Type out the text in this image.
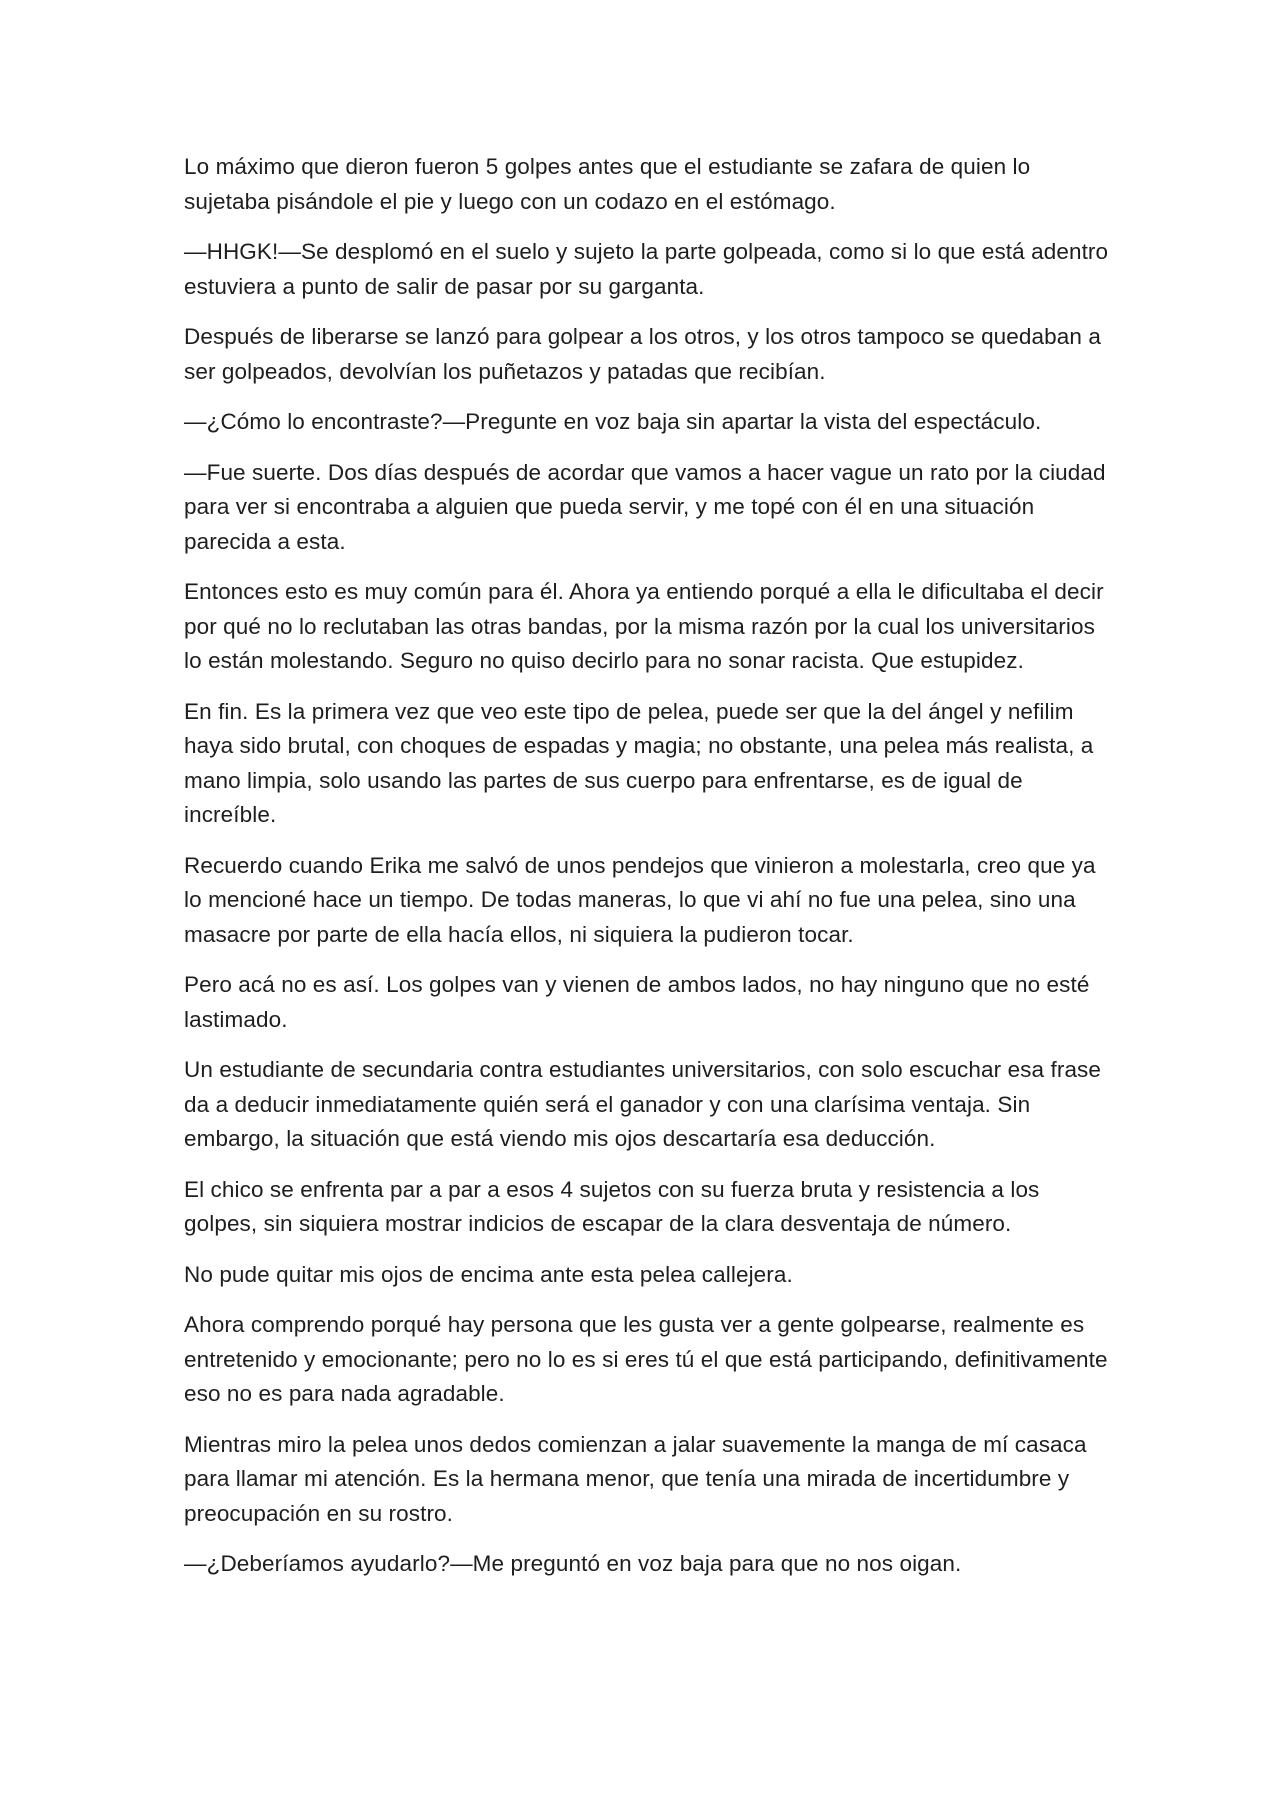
Lo máximo que dieron fueron 5 golpes antes que el estudiante se zafara de quien lo sujetaba pisándole el pie y luego con un codazo en el estómago.

—HHGK!—Se desplomó en el suelo y sujeto la parte golpeada, como si lo que está adentro estuviera a punto de salir de pasar por su garganta.

Después de liberarse se lanzó para golpear a los otros, y los otros tampoco se quedaban a ser golpeados, devolvían los puñetazos y patadas que recibían.

—¿Cómo lo encontraste?—Pregunte en voz baja sin apartar la vista del espectáculo.

—Fue suerte. Dos días después de acordar que vamos a hacer vague un rato por la ciudad para ver si encontraba a alguien que pueda servir, y me topé con él en una situación parecida a esta.

Entonces esto es muy común para él. Ahora ya entiendo porqué a ella le dificultaba el decir por qué no lo reclutaban las otras bandas, por la misma razón por la cual los universitarios lo están molestando. Seguro no quiso decirlo para no sonar racista. Que estupidez.

En fin. Es la primera vez que veo este tipo de pelea, puede ser que la del ángel y nefilim haya sido brutal, con choques de espadas y magia; no obstante, una pelea más realista, a mano limpia, solo usando las partes de sus cuerpo para enfrentarse, es de igual de increíble.

Recuerdo cuando Erika me salvó de unos pendejos que vinieron a molestarla, creo que ya lo mencioné hace un tiempo. De todas maneras, lo que vi ahí no fue una pelea, sino una masacre por parte de ella hacía ellos, ni siquiera la pudieron tocar.

Pero acá no es así. Los golpes van y vienen de ambos lados, no hay ninguno que no esté lastimado.

Un estudiante de secundaria contra estudiantes universitarios, con solo escuchar esa frase da a deducir inmediatamente quién será el ganador y con una clarísima ventaja. Sin embargo, la situación que está viendo mis ojos descartaría esa deducción.

El chico se enfrenta par a par a esos 4 sujetos con su fuerza bruta y resistencia a los golpes, sin siquiera mostrar indicios de escapar de la clara desventaja de número.

No pude quitar mis ojos de encima ante esta pelea callejera.

Ahora comprendo porqué hay persona que les gusta ver a gente golpearse, realmente es entretenido y emocionante; pero no lo es si eres tú el que está participando, definitivamente eso no es para nada agradable.

Mientras miro la pelea unos dedos comienzan a jalar suavemente la manga de mí casaca para llamar mi atención. Es la hermana menor, que tenía una mirada de incertidumbre y preocupación en su rostro.

—¿Deberíamos ayudarlo?—Me preguntó en voz baja para que no nos oigan.
